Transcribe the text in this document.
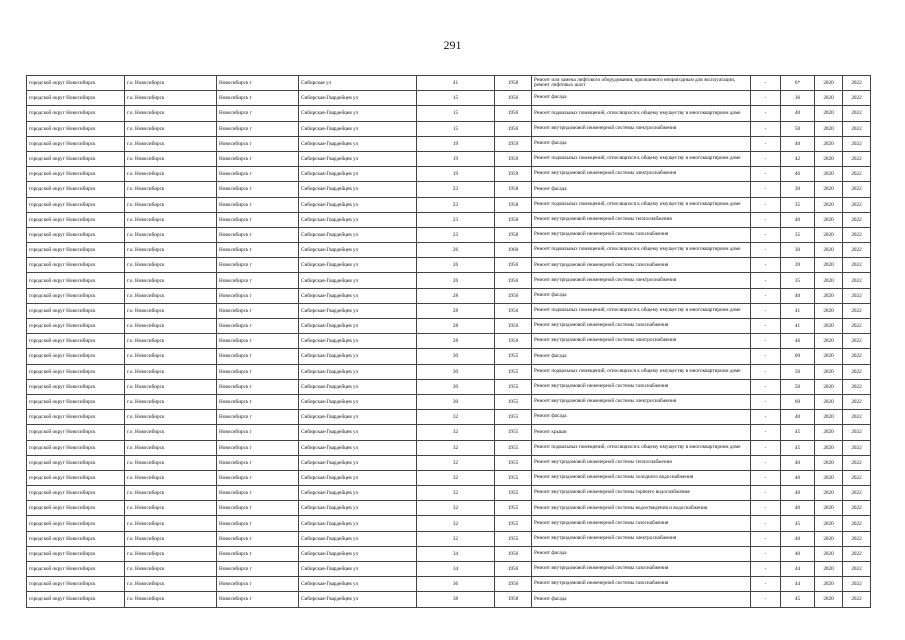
291
городской округ Новосибирск	г.о. Новосибирск	Новосибирск г	Сибирская ул	41	1958	Ремонт или замена лифтового оборудования, признанного непригодным для эксплуатации, ремонт лифтовых шахт	-	6*	2020	2022
городской округ Новосибирск	г.о. Новосибирск	Новосибирск г	Сибирская-Гвардейцев ул	15	1956	Ремонт фасада	-	36	2020	2022
городской округ Новосибирск	г.о. Новосибирск	Новосибирск г	Сибирская-Гвардейцев ул	15	1956	Ремонт подвальных помещений, относящихся к общему имуществу в многоквартирном доме	-	40	2020	2022
городской округ Новосибирск	г.о. Новосибирск	Новосибирск г	Сибирская-Гвардейцев ул	15	1956	Ремонт внутридомовой инженерной системы электроснабжения	-	50	2020	2022
городской округ Новосибирск	г.о. Новосибирск	Новосибирск г	Сибирская-Гвардейцев ул	19	1959	Ремонт фасада	-	40	2020	2022
городской округ Новосибирск	г.о. Новосибирск	Новосибирск г	Сибирская-Гвардейцев ул	19	1959	Ремонт подвальных помещений, относящихся к общему имуществу в многоквартирном доме	-	42	2020	2022
городской округ Новосибирск	г.о. Новосибирск	Новосибирск г	Сибирская-Гвардейцев ул	19	1959	Ремонт внутридомовой инженерной системы электроснабжения	-	46	2020	2022
городской округ Новосибирск	г.о. Новосибирск	Новосибирск г	Сибирская-Гвардейцев ул	23	1958	Ремонт фасада	-	30	2020	2022
городской округ Новосибирск	г.о. Новосибирск	Новосибирск г	Сибирская-Гвардейцев ул	23	1958	Ремонт подвальных помещений, относящихся к общему имуществу в многоквартирном доме	-	35	2020	2022
городской округ Новосибирск	г.о. Новосибирск	Новосибирск г	Сибирская-Гвардейцев ул	23	1958	Ремонт внутридомовой инженерной системы теплоснабжения	-	40	2020	2022
городской округ Новосибирск	г.о. Новосибирск	Новосибирск г	Сибирская-Гвардейцев ул	23	1958	Ремонт внутридомовой инженерной системы газоснабжения	-	35	2020	2022
городской округ Новосибирск	г.о. Новосибирск	Новосибирск г	Сибирская-Гвардейцев ул	26	1960	Ремонт подвальных помещений, относящихся к общему имуществу в многоквартирном доме	-	30	2020	2022
городской округ Новосибирск	г.о. Новосибирск	Новосибирск г	Сибирская-Гвардейцев ул	26	1956	Ремонт внутридомовой инженерной системы газоснабжения	-	39	2020	2022
городской округ Новосибирск	г.о. Новосибирск	Новосибирск г	Сибирская-Гвардейцев ул	26	1956	Ремонт внутридомовой инженерной системы электроснабжения	-	35	2020	2022
городской округ Новосибирск	г.о. Новосибирск	Новосибирск г	Сибирская-Гвардейцев ул	28	1956	Ремонт фасада	-	40	2020	2022
городской округ Новосибирск	г.о. Новосибирск	Новосибирск г	Сибирская-Гвардейцев ул	28	1956	Ремонт подвальных помещений, относящихся к общему имуществу в многоквартирном доме	-	41	2020	2022
городской округ Новосибирск	г.о. Новосибирск	Новосибирск г	Сибирская-Гвардейцев ул	28	1956	Ремонт внутридомовой инженерной системы газоснабжения	-	41	2020	2022
городской округ Новосибирск	г.о. Новосибирск	Новосибирск г	Сибирская-Гвардейцев ул	28	1956	Ремонт внутридомовой инженерной системы электроснабжения	-	46	2020	2022
городской округ Новосибирск	г.о. Новосибирск	Новосибирск г	Сибирская-Гвардейцев ул	30	1955	Ремонт фасада	-	60	2020	2022
городской округ Новосибирск	г.о. Новосибирск	Новосибирск г	Сибирская-Гвардейцев ул	30	1955	Ремонт подвальных помещений, относящихся к общему имуществу в многоквартирном доме	-	50	2020	2022
городской округ Новосибирск	г.о. Новосибирск	Новосибирск г	Сибирская-Гвардейцев ул	30	1955	Ремонт внутридомовой инженерной системы газоснабжения	-	50	2020	2022
городской округ Новосибирск	г.о. Новосибирск	Новосибирск г	Сибирская-Гвардейцев ул	30	1955	Ремонт внутридомовой инженерной системы электроснабжения	-	60	2020	2022
городской округ Новосибирск	г.о. Новосибирск	Новосибирск г	Сибирская-Гвардейцев ул	32	1955	Ремонт фасада	-	40	2020	2022
городской округ Новосибирск	г.о. Новосибирск	Новосибирск г	Сибирская-Гвардейцев ул	32	1955	Ремонт крыши	-	45	2020	2022
городской округ Новосибирск	г.о. Новосибирск	Новосибирск г	Сибирская-Гвардейцев ул	32	1955	Ремонт подвальных помещений, относящихся к общему имуществу в многоквартирном доме	-	45	2020	2022
городской округ Новосибирск	г.о. Новосибирск	Новосибирск г	Сибирская-Гвардейцев ул	32	1955	Ремонт внутридомовой инженерной системы теплоснабжения	-	40	2020	2022
городской округ Новосибирск	г.о. Новосибирск	Новосибирск г	Сибирская-Гвардейцев ул	32	1955	Ремонт внутридомовой инженерной системы холодного водоснабжения	-	40	2020	2022
городской округ Новосибирск	г.о. Новосибирск	Новосибирск г	Сибирская-Гвардейцев ул	32	1955	Ремонт внутридомовой инженерной системы горячего водоснабжения	-	40	2020	2022
городской округ Новосибирск	г.о. Новосибирск	Новосибирск г	Сибирская-Гвардейцев ул	32	1955	Ремонт внутридомовой инженерной системы водоотведения и водоснабжения	-	40	2020	2022
городской округ Новосибирск	г.о. Новосибирск	Новосибирск г	Сибирская-Гвардейцев ул	32	1955	Ремонт внутридомовой инженерной системы газоснабжения	-	45	2020	2022
городской округ Новосибирск	г.о. Новосибирск	Новосибирск г	Сибирская-Гвардейцев ул	32	1955	Ремонт внутридомовой инженерной системы электроснабжения	-	40	2020	2022
городской округ Новосибирск	г.о. Новосибирск	Новосибирск г	Сибирская-Гвардейцев ул	34	1956	Ремонт фасада	-	40	2020	2022
городской округ Новосибирск	г.о. Новосибирск	Новосибирск г	Сибирская-Гвардейцев ул	34	1956	Ремонт внутридомовой инженерной системы газоснабжения	-	44	2020	2022
городской округ Новосибирск	г.о. Новосибирск	Новосибирск г	Сибирская-Гвардейцев ул	36	1956	Ремонт внутридомовой инженерной системы газоснабжения	-	44	2020	2022
городской округ Новосибирск	г.о. Новосибирск	Новосибирск г	Сибирская-Гвардейцев ул	38	1958	Ремонт фасада	-	45	2020	2022
